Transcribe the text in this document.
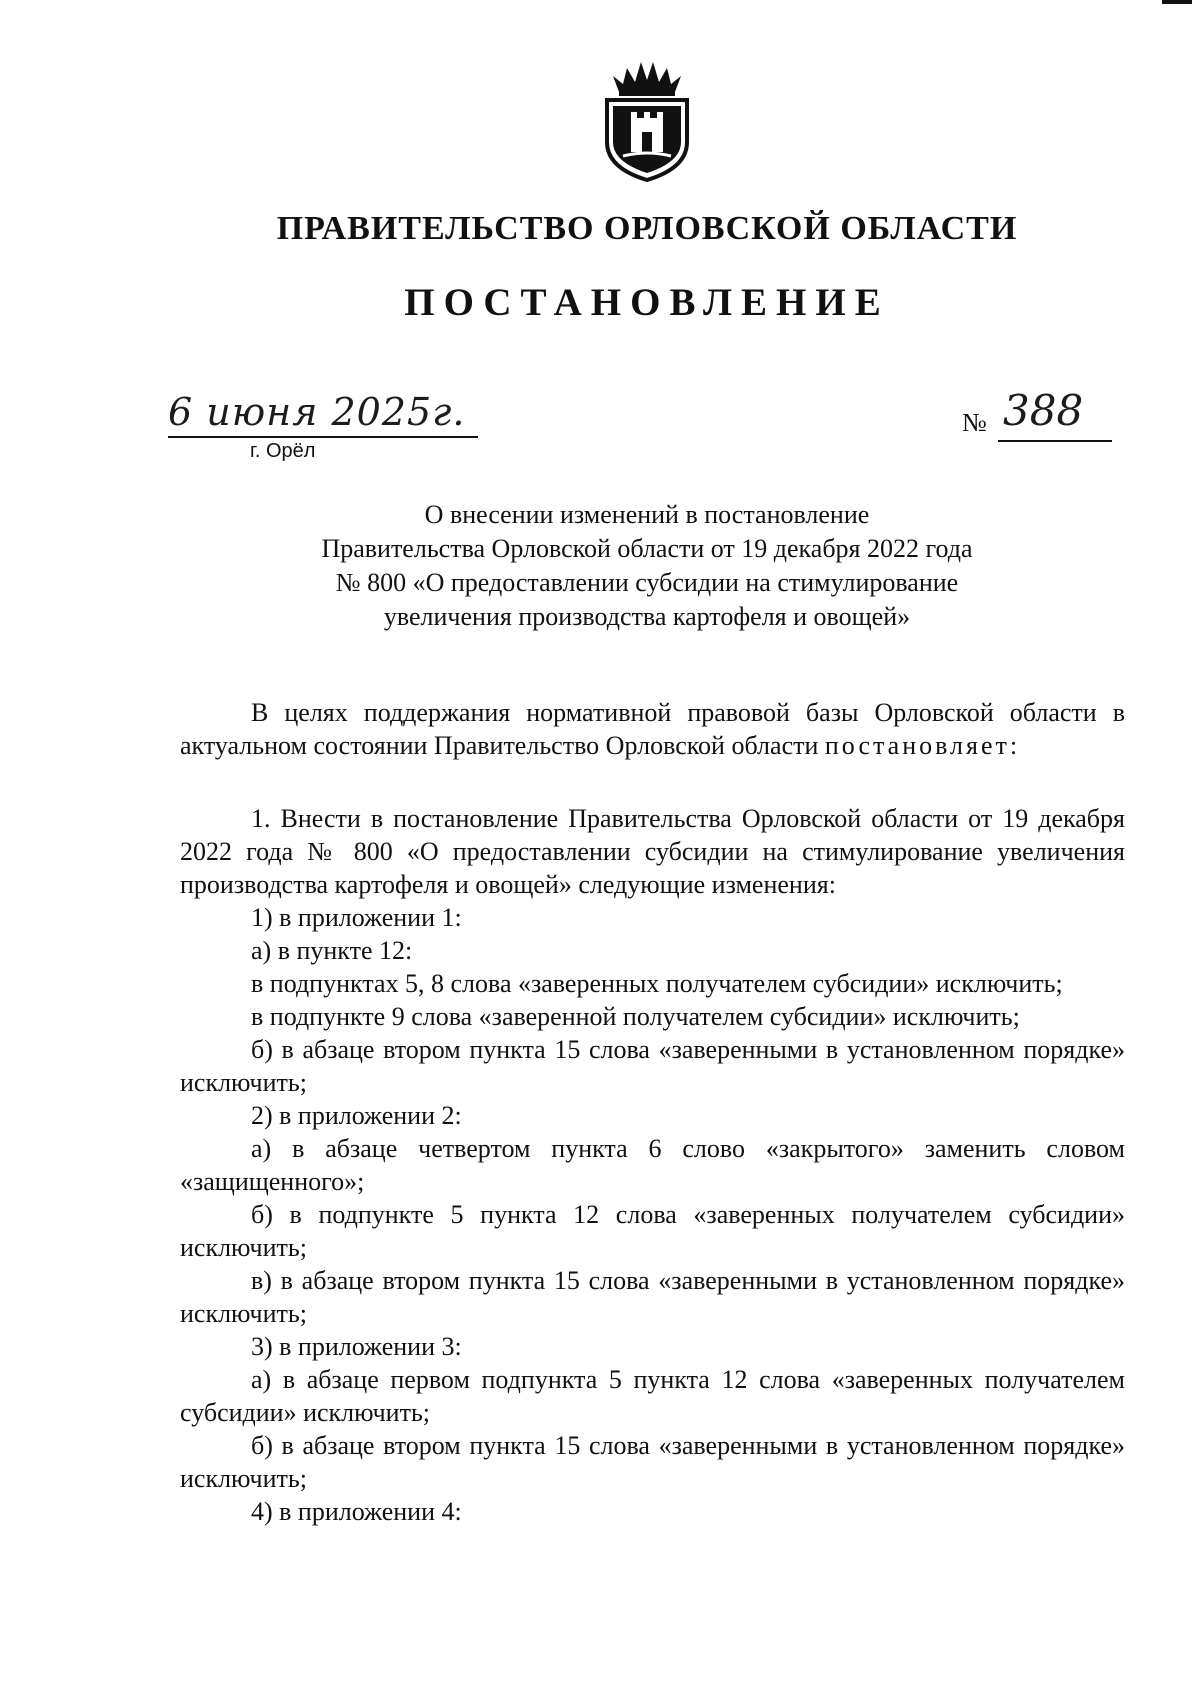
ПРАВИТЕЛЬСТВО ОРЛОВСКОЙ ОБЛАСТИ
ПОСТАНОВЛЕНИЕ
6 июня 2025г.
г. Орёл
№ 388
О внесении изменений в постановление
Правительства Орловской области от 19 декабря 2022 года
№ 800 «О предоставлении субсидии на стимулирование
увеличения производства картофеля и овощей»

В целях поддержания нормативной правовой базы Орловской области в актуальном состоянии Правительство Орловской области постановляет:

1. Внести в постановление Правительства Орловской области от 19 декабря 2022 года № 800 «О предоставлении субсидии на стимулирование увеличения производства картофеля и овощей» следующие изменения:

1) в приложении 1:

а) в пункте 12:

в подпунктах 5, 8 слова «заверенных получателем субсидии» исключить;

в подпункте 9 слова «заверенной получателем субсидии» исключить;

б) в абзаце втором пункта 15 слова «заверенными в установленном порядке» исключить;

2) в приложении 2:

а) в абзаце четвертом пункта 6 слово «закрытого» заменить словом «защищенного»;

б) в подпункте 5 пункта 12 слова «заверенных получателем субсидии» исключить;

в) в абзаце втором пункта 15 слова «заверенными в установленном порядке» исключить;

3) в приложении 3:

а) в абзаце первом подпункта 5 пункта 12 слова «заверенных получателем субсидии» исключить;

б) в абзаце втором пункта 15 слова «заверенными в установленном порядке» исключить;

4) в приложении 4:
